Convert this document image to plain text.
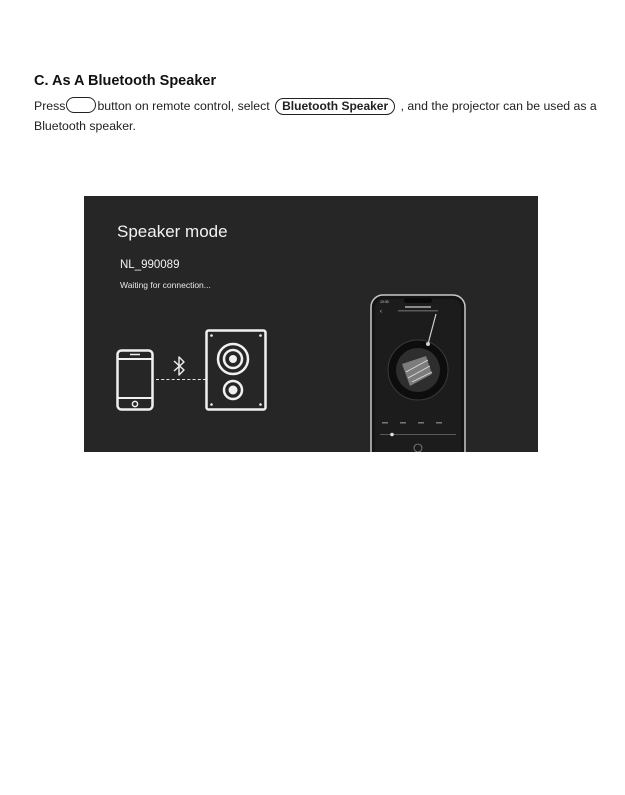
C. As A Bluetooth Speaker
Press	button on remote control, select Bluetooth Speaker , and the projector can be used as a Bluetooth speaker.
Speaker mode
NL_990089
Waiting for connection...
10:30
‹
